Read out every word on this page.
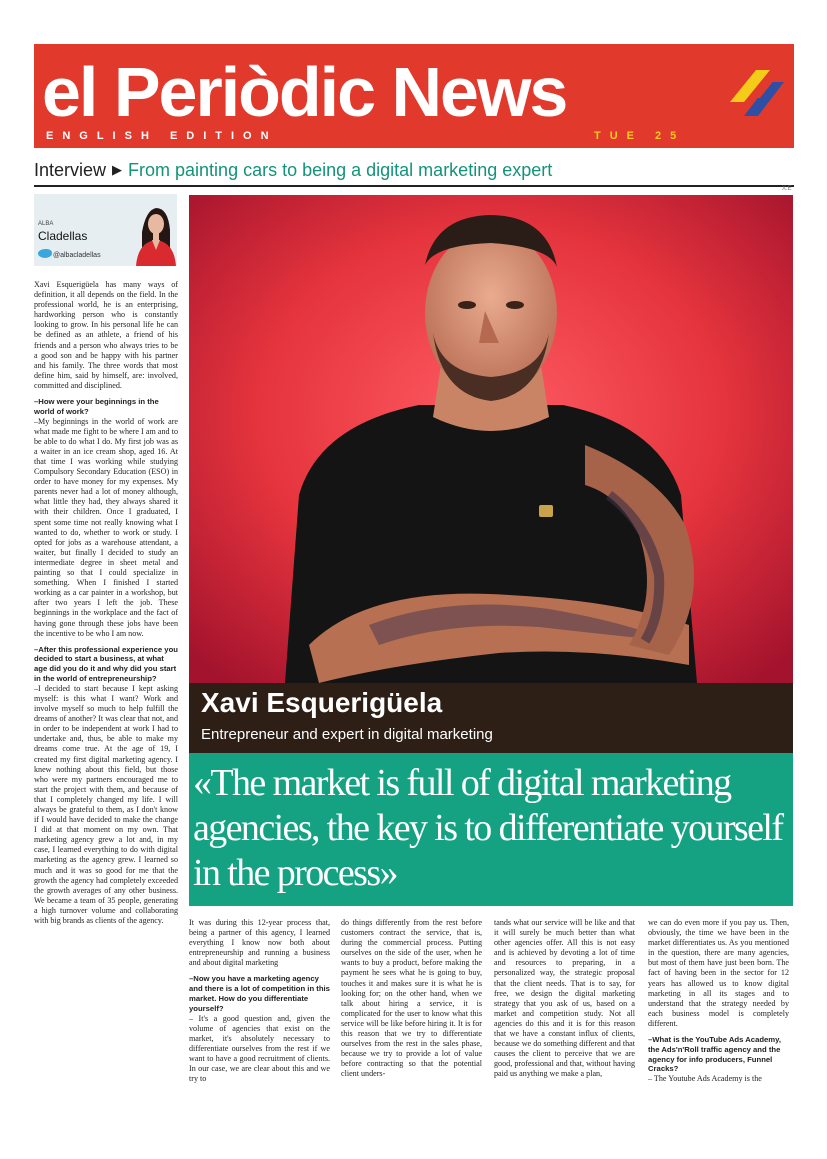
el Periòdic News
ENGLISH EDITION	TUE 25
Interview ▶ From painting cars to being a digital marketing expert
X.E
ALBA
Cladellas
@albacladellas

Xavi Esquerigüela has many ways of definition, it all depends on the field. In the professional world, he is an enterprising, hardworking person who is constantly looking to grow. In his personal life he can be defined as an athlete, a friend of his friends and a person who always tries to be a good son and be happy with his partner and his family. The three words that most define him, said by himself, are: involved, committed and disciplined.

–How were your beginnings in the world of work?

–My beginnings in the world of work are what made me fight to be where I am and to be able to do what I do. My first job was as a waiter in an ice cream shop, aged 16. At that time I was working while studying Compulsory Secondary Education (ESO) in order to have money for my expenses. My parents never had a lot of money although, what little they had, they always shared it with their children. Once I graduated, I spent some time not really knowing what I wanted to do, whether to work or study. I opted for jobs as a warehouse attendant, a waiter, but finally I decided to study an intermediate degree in sheet metal and painting so that I could specialize in something. When I finished I started working as a car painter in a workshop, but after two years I left the job. These beginnings in the workplace and the fact of having gone through these jobs have been the incentive to be who I am now.

–After this professional experience you decided to start a business, at what age did you do it and why did you start in the world of entrepreneurship?

–I decided to start because I kept asking myself: is this what I want? Work and involve myself so much to help fulfill the dreams of another? It was clear that not, and in order to be independent at work I had to undertake and, thus, be able to make my dreams come true. At the age of 19, I created my first digital marketing agency. I knew nothing about this field, but those who were my partners encouraged me to start the project with them, and because of that I completely changed my life. I will always be grateful to them, as I don't know if I would have decided to make the change I did at that moment on my own. That marketing agency grew a lot and, in my case, I learned everything to do with digital marketing as the agency grew. I learned so much and it was so good for me that the growth the agency had completely exceeded the growth averages of any other business. We became a team of 35 people, generating a high turnover volume and collaborating with big brands as clients of the agency.

Xavi Esquerigüela
Entrepreneur and expert in digital marketing
«The market is full of digital marketing agencies, the key is to differentiate yourself in the process»

It was during this 12-year process that, being a partner of this agency, I learned everything I know now both about entrepreneurship and running a business and about digital marketing

–Now you have a marketing agency and there is a lot of competition in this market. How do you differentiate yourself?

– It's a good question and, given the volume of agencies that exist on the market, it's absolutely necessary to differentiate ourselves from the rest if we want to have a good recruitment of clients. In our case, we are clear about this and we try to

do things differently from the rest before customers contract the service, that is, during the commercial process. Putting ourselves on the side of the user, when he wants to buy a product, before making the payment he sees what he is going to buy, touches it and makes sure it is what he is looking for; on the other hand, when we talk about hiring a service, it is complicated for the user to know what this service will be like before hiring it. It is for this reason that we try to differentiate ourselves from the rest in the sales phase, because we try to provide a lot of value before contracting so that the potential client unders-

tands what our service will be like and that it will surely be much better than what other agencies offer. All this is not easy and is achieved by devoting a lot of time and resources to preparing, in a personalized way, the strategic proposal that the client needs. That is to say, for free, we design the digital marketing strategy that you ask of us, based on a market and competition study. Not all agencies do this and it is for this reason that we have a constant influx of clients, because we do something different and that causes the client to perceive that we are good, professional and that, without having paid us anything we make a plan,

we can do even more if you pay us. Then, obviously, the time we have been in the market differentiates us. As you mentioned in the question, there are many agencies, but most of them have just been born. The fact of having been in the sector for 12 years has allowed us to know digital marketing in all its stages and to understand that the strategy needed by each business model is completely different.

–What is the YouTube Ads Academy, the Ads'n'Roll traffic agency and the agency for info producers, Funnel Cracks?

– The Youtube Ads Academy is the
